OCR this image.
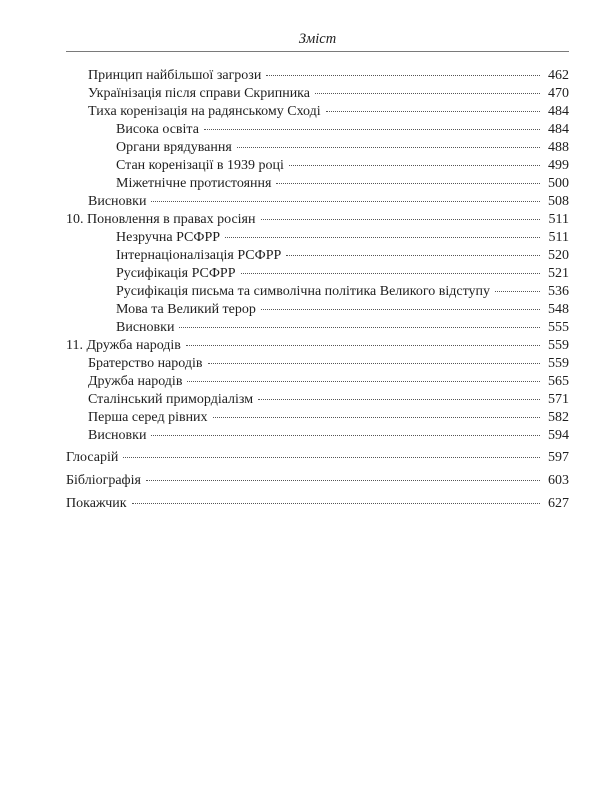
Зміст
Принцип найбільшої загрози	462
Українізація після справи Скрипника	470
Тиха коренізація на радянському Сході	484
Висока освіта	484
Органи врядування	488
Стан коренізації в 1939 році	499
Міжетнічне протистояння	500
Висновки	508
10. Поновлення в правах росіян	511
Незручна РСФРР	511
Інтернаціоналізація РСФРР	520
Русифікація РСФРР	521
Русифікація письма та символічна політика Великого відступу	536
Мова та Великий терор	548
Висновки	555
11. Дружба народів	559
Братерство народів	559
Дружба народів	565
Сталінський примордіалізм	571
Перша серед рівних	582
Висновки	594
Глосарій	597
Бібліографія	603
Покажчик	627
